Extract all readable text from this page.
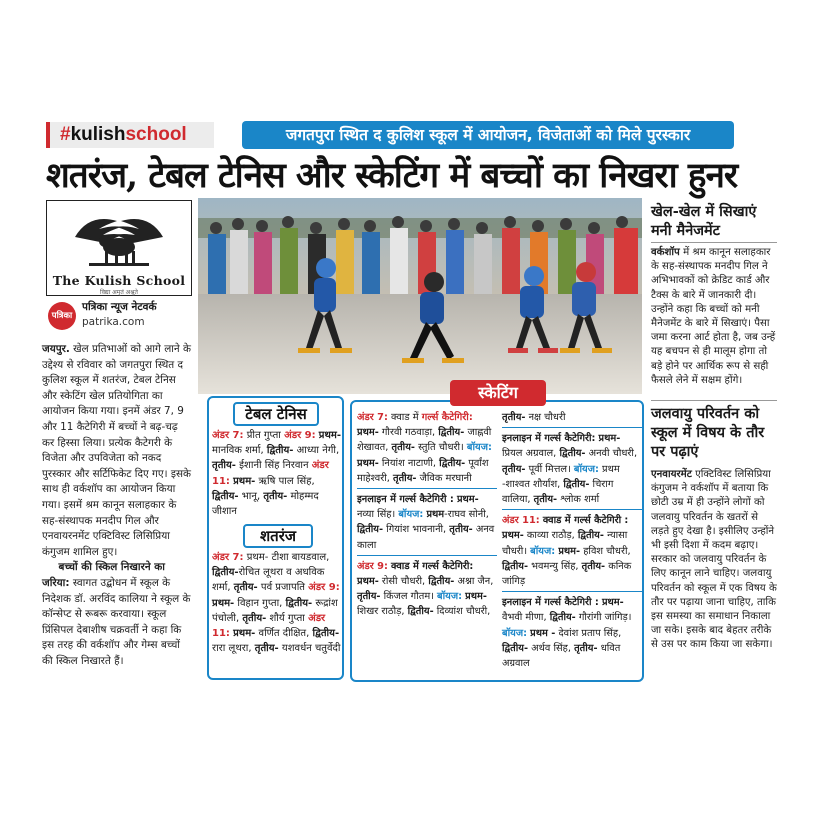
#kulishschool	जगतपुरा स्थित द कुलिश स्कूल में आयोजन, विजेताओं को मिले पुरस्कार
शतरंज, टेबल टेनिस और स्केटिंग में बच्चों का निखरा हुनर
The Kulish School
विद्या अमृतं अश्नुते
पत्रिका
पत्रिका न्यूज नेटवर्क
patrika.com

जयपुर. खेल प्रतिभाओं को आगे लाने के उद्देश्य से रविवार को जगतपुरा स्थित द कुलिश स्कूल में शतरंज, टेबल टेनिस और स्केटिंग खेल प्रतियोगिता का आयोजन किया गया। इनमें अंडर 7, 9 और 11 कैटेगिरी में बच्चों ने बढ़-चढ़ कर हिस्सा लिया। प्रत्येक कैटेगरी के विजेता और उपविजेता को नकद पुरस्कार और सर्टिफिकेट दिए गए। इसके साथ ही वर्कशॉप का आयोजन किया गया। इसमें श्रम कानून सलाहकार के सह-संस्थापक मनदीप गिल और एनवायरनमेंट एक्टिविस्ट लिसिप्रिया कंगुजम शामिल हुए।

बच्चों की स्किल निखारने का जरिया: स्वागत उद्बोधन में स्कूल के निदेशक डॉ. अरविंद कालिया ने स्कूल के कॉन्सेप्ट से रूबरू करवाया। स्कूल प्रिंसिपल देबाशीष चक्रवर्ती ने कहा कि इस तरह की वर्कशॉप और गेम्स बच्चों की स्किल निखारते हैं।

टेबल टेनिस
अंडर 7: प्रीत गुप्ता अंडर 9: प्रथम- मानविक शर्मा, द्वितीय- आध्या नेगी, तृतीय- ईशानी सिंह निरवान अंडर 11: प्रथम- ऋषि पाल सिंह, द्वितीय- भानू, तृतीय- मोहम्मद जीशान
शतरंज
अंडर 7: प्रथम- टीशा बायडवाल, द्वितीय-रोचित लूथरा व अधविक शर्मा, तृतीय- पर्व प्रजापति अंडर 9: प्रथम- विहान गुप्ता, द्वितीय- रूद्रांश पंचोली, तृतीय- शौर्य गुप्ता अंडर 11: प्रथम- वर्णित दीक्षित, द्वितीय- रारा लूथरा, तृतीय- यशवर्धन चतुर्वेदी
स्केटिंग
अंडर 7: क्वाड में गर्ल्स कैटेगिरी: प्रथम- गौरवी गठवाड़ा, द्वितीय- जाह्नवी शेखावत, तृतीय- स्तुति चौधरी। बॉयज: प्रथम- नियांश नाटाणी, द्वितीय- पूर्वांश माहेश्वरी, तृतीय- जैविक मरघानी
इनलाइन में गर्ल्स कैटेगिरी : प्रथम- नव्या सिंह। बॉयज: प्रथम-राघव सोनी, द्वितीय- गियांश भावनानी, तृतीय- अनव काला
अंडर 9: क्वाड में गर्ल्स कैटेगिरी: प्रथम- रोसी चौधरी, द्वितीय- अश्ना जैन, तृतीय- किंजल गौतम। बॉयज: प्रथम- शिखर राठौड़, द्वितीय- दिव्यांश चौधरी,
तृतीय- नक्ष चौधरी
इनलाइन में गर्ल्स कैटेगिरी: प्रथम- प्रियल अग्रवाल, द्वितीय- अनवी चौधरी, तृतीय- पूर्वी मित्तल। बॉयज: प्रथम -शाश्वत शौर्यांश, द्वितीय- चिराग वालिया, तृतीय- श्लोक शर्मा
अंडर 11: क्वाड में गर्ल्स कैटेगिरी : प्रथम- काव्या राठौड़, द्वितीय- न्यासा चौधरी। बॉयज: प्रथम- हविश चौधरी, द्वितीय- भवमन्यु सिंह, तृतीय- कनिक जांगिड़
इनलाइन में गर्ल्स कैटेगिरी : प्रथम- वैभवी मीणा, द्वितीय- गौरांगी जांगिड़। बॉयज: प्रथम - देवांश प्रताप सिंह, द्वितीय- अर्थव सिंह, तृतीय- धवित अग्रवाल
खेल-खेल में सिखाएं मनी मैनेजमेंट
वर्कशॉप में श्रम कानून सलाहकार के सह-संस्थापक मनदीप गिल ने अभिभावकों को क्रेडिट कार्ड और टैक्स के बारे में जानकारी दी। उन्होंने कहा कि बच्चों को मनी मैनेजमेंट के बारे में सिखाएं। पैसा जमा करना आर्ट होता है, जब उन्हें यह बचपन से ही मालूम होगा तो बड़े होने पर आर्थिक रूप से सही फैसले लेने में सक्षम होंगे।
जलवायु परिवर्तन को स्कूल में विषय के तौर पर पढ़ाएं
एनवायरमेंट एक्टिविस्ट लिसिप्रिया कंगुजम ने वर्कशॉप में बताया कि छोटी उम्र में ही उन्होंने लोगों को जलवायु परिवर्तन के खतरों से लड़ते हुए देखा है। इसीलिए उन्होंने भी इसी दिशा में कदम बढ़ाए। सरकार को जलवायु परिवर्तन के लिए कानून लाने चाहिए। जलवायु परिवर्तन को स्कूल में एक विषय के तौर पर पढ़ाया जाना चाहिए, ताकि इस समस्या का समाधान निकाला जा सके। इसके बाद बेहतर तरीके से उस पर काम किया जा सकेगा।
